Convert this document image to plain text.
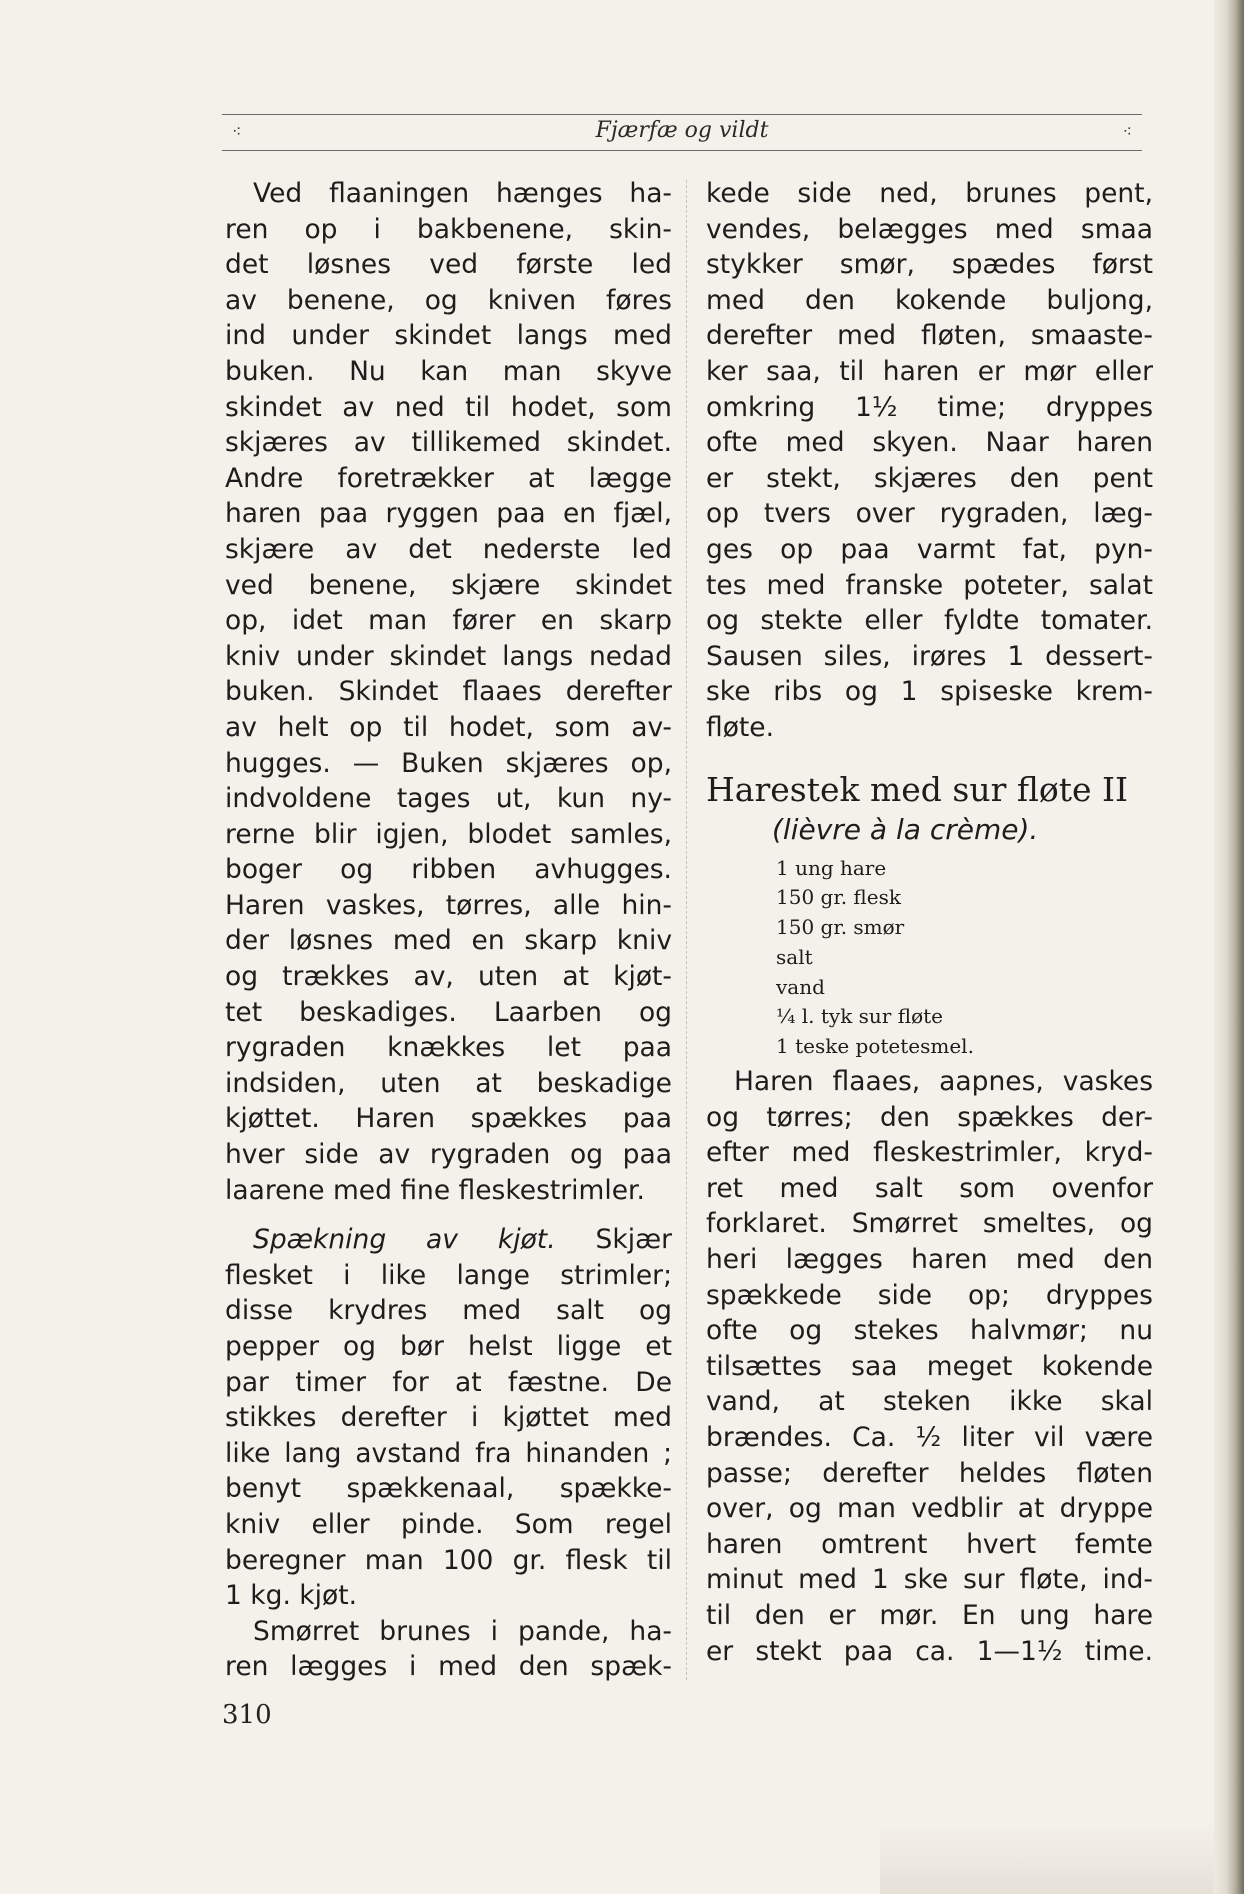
⁖	Fjærfæ og vildt	⁖
Ved flaaningen hænges ha-
ren op i bakbenene, skin-
det løsnes ved første led
av benene, og kniven føres
ind under skindet langs med
buken. Nu kan man skyve
skindet av ned til hodet, som
skjæres av tillikemed skindet.
Andre foretrækker at lægge
haren paa ryggen paa en fjæl,
skjære av det nederste led
ved benene, skjære skindet
op, idet man fører en skarp
kniv under skindet langs nedad
buken. Skindet flaaes derefter
av helt op til hodet, som av-
hugges. — Buken skjæres op,
indvoldene tages ut, kun ny-
rerne blir igjen, blodet samles,
boger og ribben avhugges.
Haren vaskes, tørres, alle hin-
der løsnes med en skarp kniv
og trækkes av, uten at kjøt-
tet beskadiges. Laarben og
rygraden knækkes let paa
indsiden, uten at beskadige
kjøttet. Haren spækkes paa
hver side av rygraden og paa
laarene med fine fleskestrimler.
Spækning av kjøt. Skjær
flesket i like lange strimler;
disse krydres med salt og
pepper og bør helst ligge et
par timer for at fæstne. De
stikkes derefter i kjøttet med
like lang avstand fra hinanden ;
benyt spækkenaal, spække-
kniv eller pinde. Som regel
beregner man 100 gr. flesk til
1 kg. kjøt.
Smørret brunes i pande, ha-
ren lægges i med den spæk-
kede side ned, brunes pent,
vendes, belægges med smaa
stykker smør, spædes først
med den kokende buljong,
derefter med fløten, smaaste-
ker saa, til haren er mør eller
omkring 1½ time; dryppes
ofte med skyen. Naar haren
er stekt, skjæres den pent
op tvers over rygraden, læg-
ges op paa varmt fat, pyn-
tes med franske poteter, salat
og stekte eller fyldte tomater.
Sausen siles, irøres 1 dessert-
ske ribs og 1 spiseske krem-
fløte.
Harestek med sur fløte II
(lièvre à la crème).
1 ung hare
150 gr. flesk
150 gr. smør
salt
vand
¼ l. tyk sur fløte
1 teske potetesmel.
Haren flaaes, aapnes, vaskes
og tørres; den spækkes der-
efter med fleskestrimler, kryd-
ret med salt som ovenfor
forklaret. Smørret smeltes, og
heri lægges haren med den
spækkede side op; dryppes
ofte og stekes halvmør; nu
tilsættes saa meget kokende
vand, at steken ikke skal
brændes. Ca. ½ liter vil være
passe; derefter heldes fløten
over, og man vedblir at dryppe
haren omtrent hvert femte
minut med 1 ske sur fløte, ind-
til den er mør. En ung hare
er stekt paa ca. 1—1½ time.
310
